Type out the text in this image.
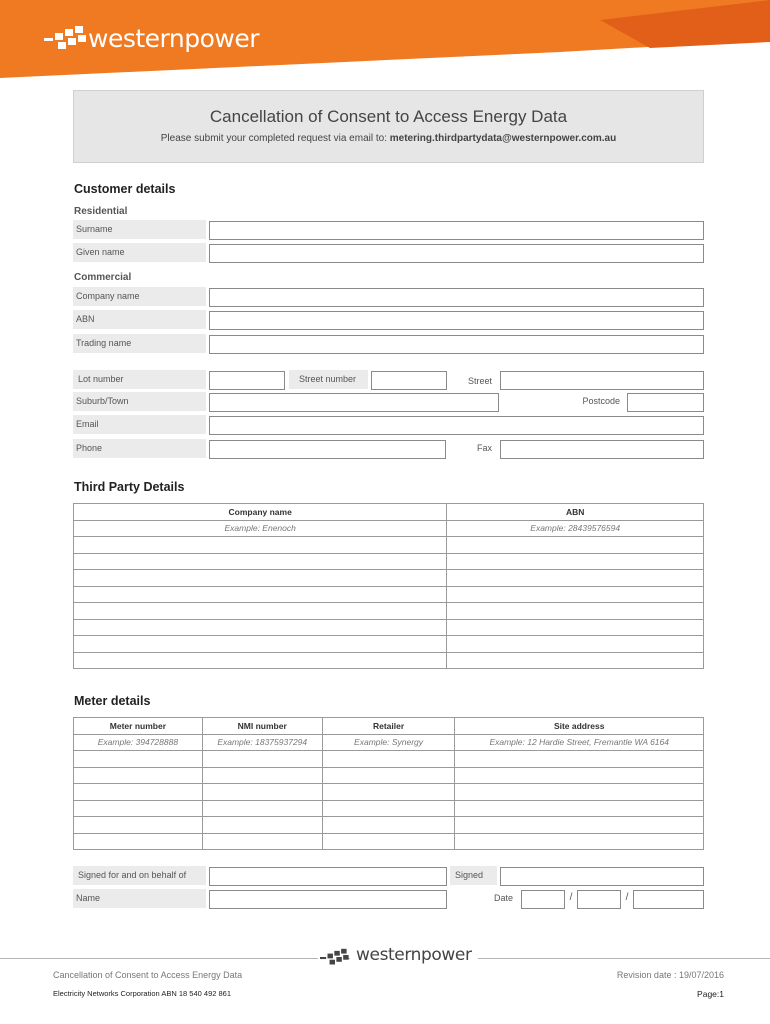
westernpower
Cancellation of Consent to Access Energy Data
Please submit your completed request via email to: metering.thirdpartydata@westernpower.com.au
Customer details
Residential
Surname
Given name
Commercial
Company name
ABN
Trading name
Lot number	Street number	Street
Suburb/Town	Postcode
Email
Phone	Fax
Third Party Details
Company name	ABN
Example: Enenoch	Example: 28439576594

Meter details
Meter number	NMI number	Retailer	Site address
Example: 394728888	Example: 18375937294	Example: Synergy	Example: 12 Hardie Street, Fremantle WA 6164

Signed for and on behalf of	Signed
Name	Date	/	/
westernpower
Cancellation of Consent to Access Energy Data
Electricity Networks Corporation ABN 18 540 492 861
Revision date : 19/07/2016
Page:1
